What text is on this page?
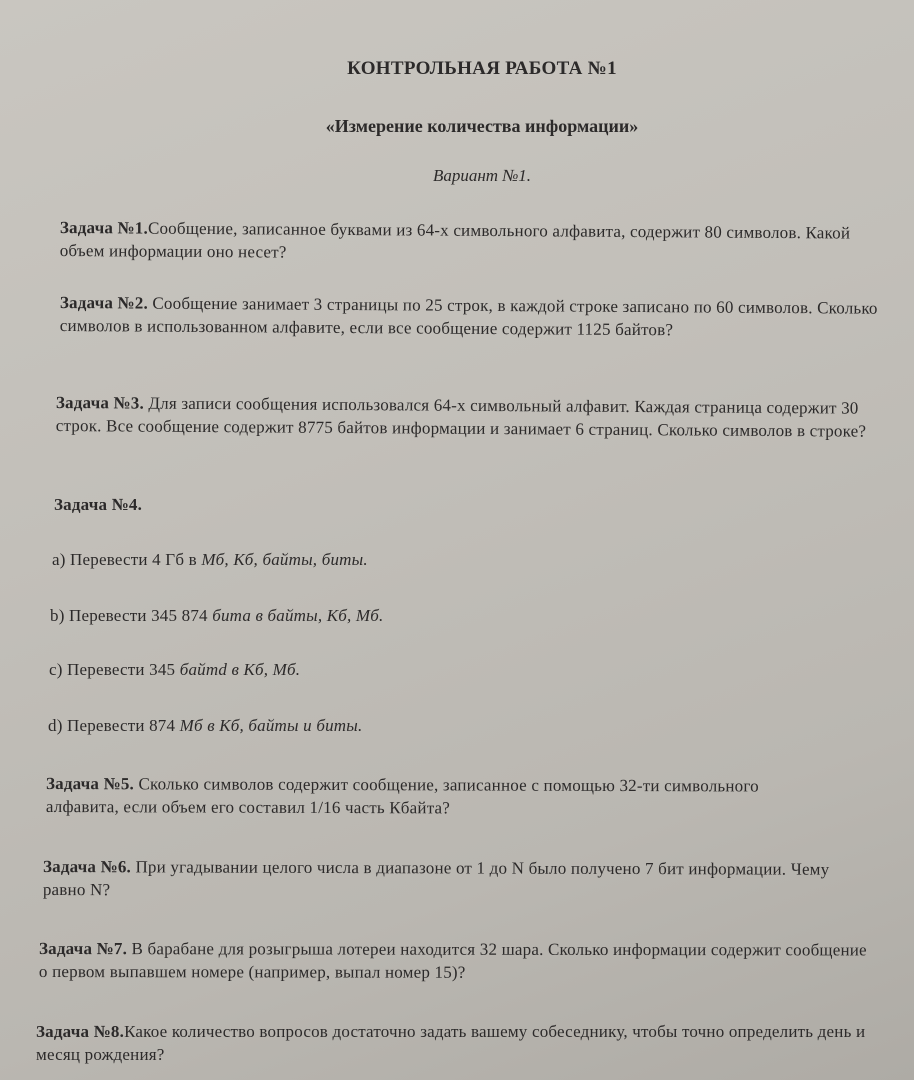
КОНТРОЛЬНАЯ РАБОТА №1
«Измерение количества информации»
Вариант №1.
Задача №1.Сообщение, записанное буквами из 64-х символьного алфавита, содержит 80 символов. Какой объем информации оно несет?
Задача №2. Сообщение занимает 3 страницы по 25 строк, в каждой строке записано по 60 символов. Сколько символов в использованном алфавите, если все сообщение содержит 1125 байтов?
Задача №3. Для записи сообщения использовался 64-х символьный алфавит. Каждая страница содержит 30 строк. Все сообщение содержит 8775 байтов информации и занимает 6 страниц. Сколько символов в строке?
Задача №4.
a) Перевести 4 Гб в Мб, Кб, байты, биты.
b) Перевести 345 874 бита в байты, Кб, Мб.
c) Перевести 345 байтd в Кб, Мб.
d) Перевести 874 Мб в Кб, байты и биты.
Задача №5. Сколько символов содержит сообщение, записанное с помощью 32-ти символьного алфавита, если объем его составил 1/16 часть Кбайта?
Задача №6. При угадывании целого числа в диапазоне от 1 до N было получено 7 бит информации. Чему равно N?
Задача №7. В барабане для розыгрыша лотереи находится 32 шара. Сколько информации содержит сообщение о первом выпавшем номере (например, выпал номер 15)?
Задача №8.Какое количество вопросов достаточно задать вашему собеседнику, чтобы точно определить день и месяц рождения?
